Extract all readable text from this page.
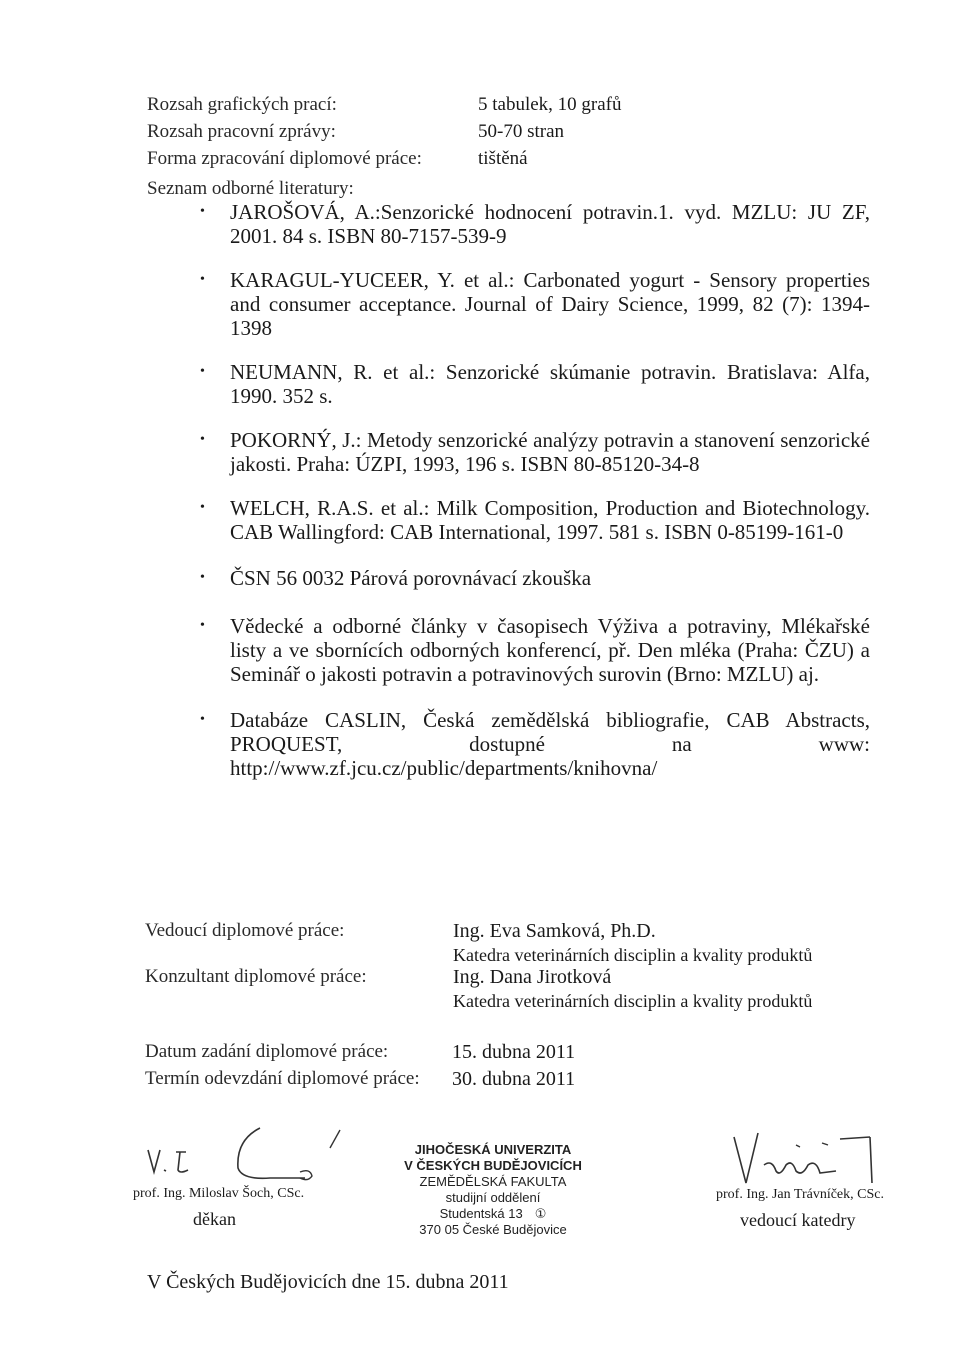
Rozsah grafických prací:	5 tabulek, 10 grafů
Rozsah pracovní zprávy:	50-70 stran
Forma zpracování diplomové práce:	tištěná
Seznam odborné literatury:
• JAROŠOVÁ, A.:Senzorické hodnocení potravin.1. vyd. MZLU: JU ZF, 2001. 84 s. ISBN 80-7157-539-9
• KARAGUL-YUCEER, Y. et al.: Carbonated yogurt - Sensory properties and consumer acceptance. Journal of Dairy Science, 1999, 82 (7): 1394-1398
• NEUMANN, R. et al.: Senzorické skúmanie potravin. Bratislava: Alfa, 1990. 352 s.
• POKORNÝ, J.: Metody senzorické analýzy potravin a stanovení senzorické jakosti. Praha: ÚZPI, 1993, 196 s. ISBN 80-85120-34-8
• WELCH, R.A.S. et al.: Milk Composition, Production and Biotechnology. CAB Wallingford: CAB International, 1997. 581 s. ISBN 0-85199-161-0
• ČSN 56 0032 Párová porovnávací zkouška
• Vědecké a odborné články v časopisech Výživa a potraviny, Mlékařské listy a ve sbornících odborných konferencí, př. Den mléka (Praha: ČZU) a Seminář o jakosti potravin a potravinových surovin (Brno: MZLU) aj.
• Databáze CASLIN, Česká zemědělská bibliografie, CAB Abstracts, PROQUEST, dostupné na www: http://www.zf.jcu.cz/public/departments/knihovna/
Vedoucí diplomové práce:	Ing. Eva Samková, Ph.D.
Katedra veterinárních disciplin a kvality produktů
Konzultant diplomové práce:	Ing. Dana Jirotková
Katedra veterinárních disciplin a kvality produktů
Datum zadání diplomové práce:	15. dubna 2011
Termín odevzdání diplomové práce: 30. dubna 2011
prof. Ing. Miloslav Šoch, CSc.
děkan
JIHOČESKÁ UNIVERZITA
V ČESKÝCH BUDĚJOVICÍCH
ZEMĚDĚLSKÁ FAKULTA
studijní oddělení
Studentská 13 ①
370 05 České Budějovice
prof. Ing. Jan Trávníček, CSc.
vedoucí katedry
V Českých Budějovicích dne 15. dubna 2011
